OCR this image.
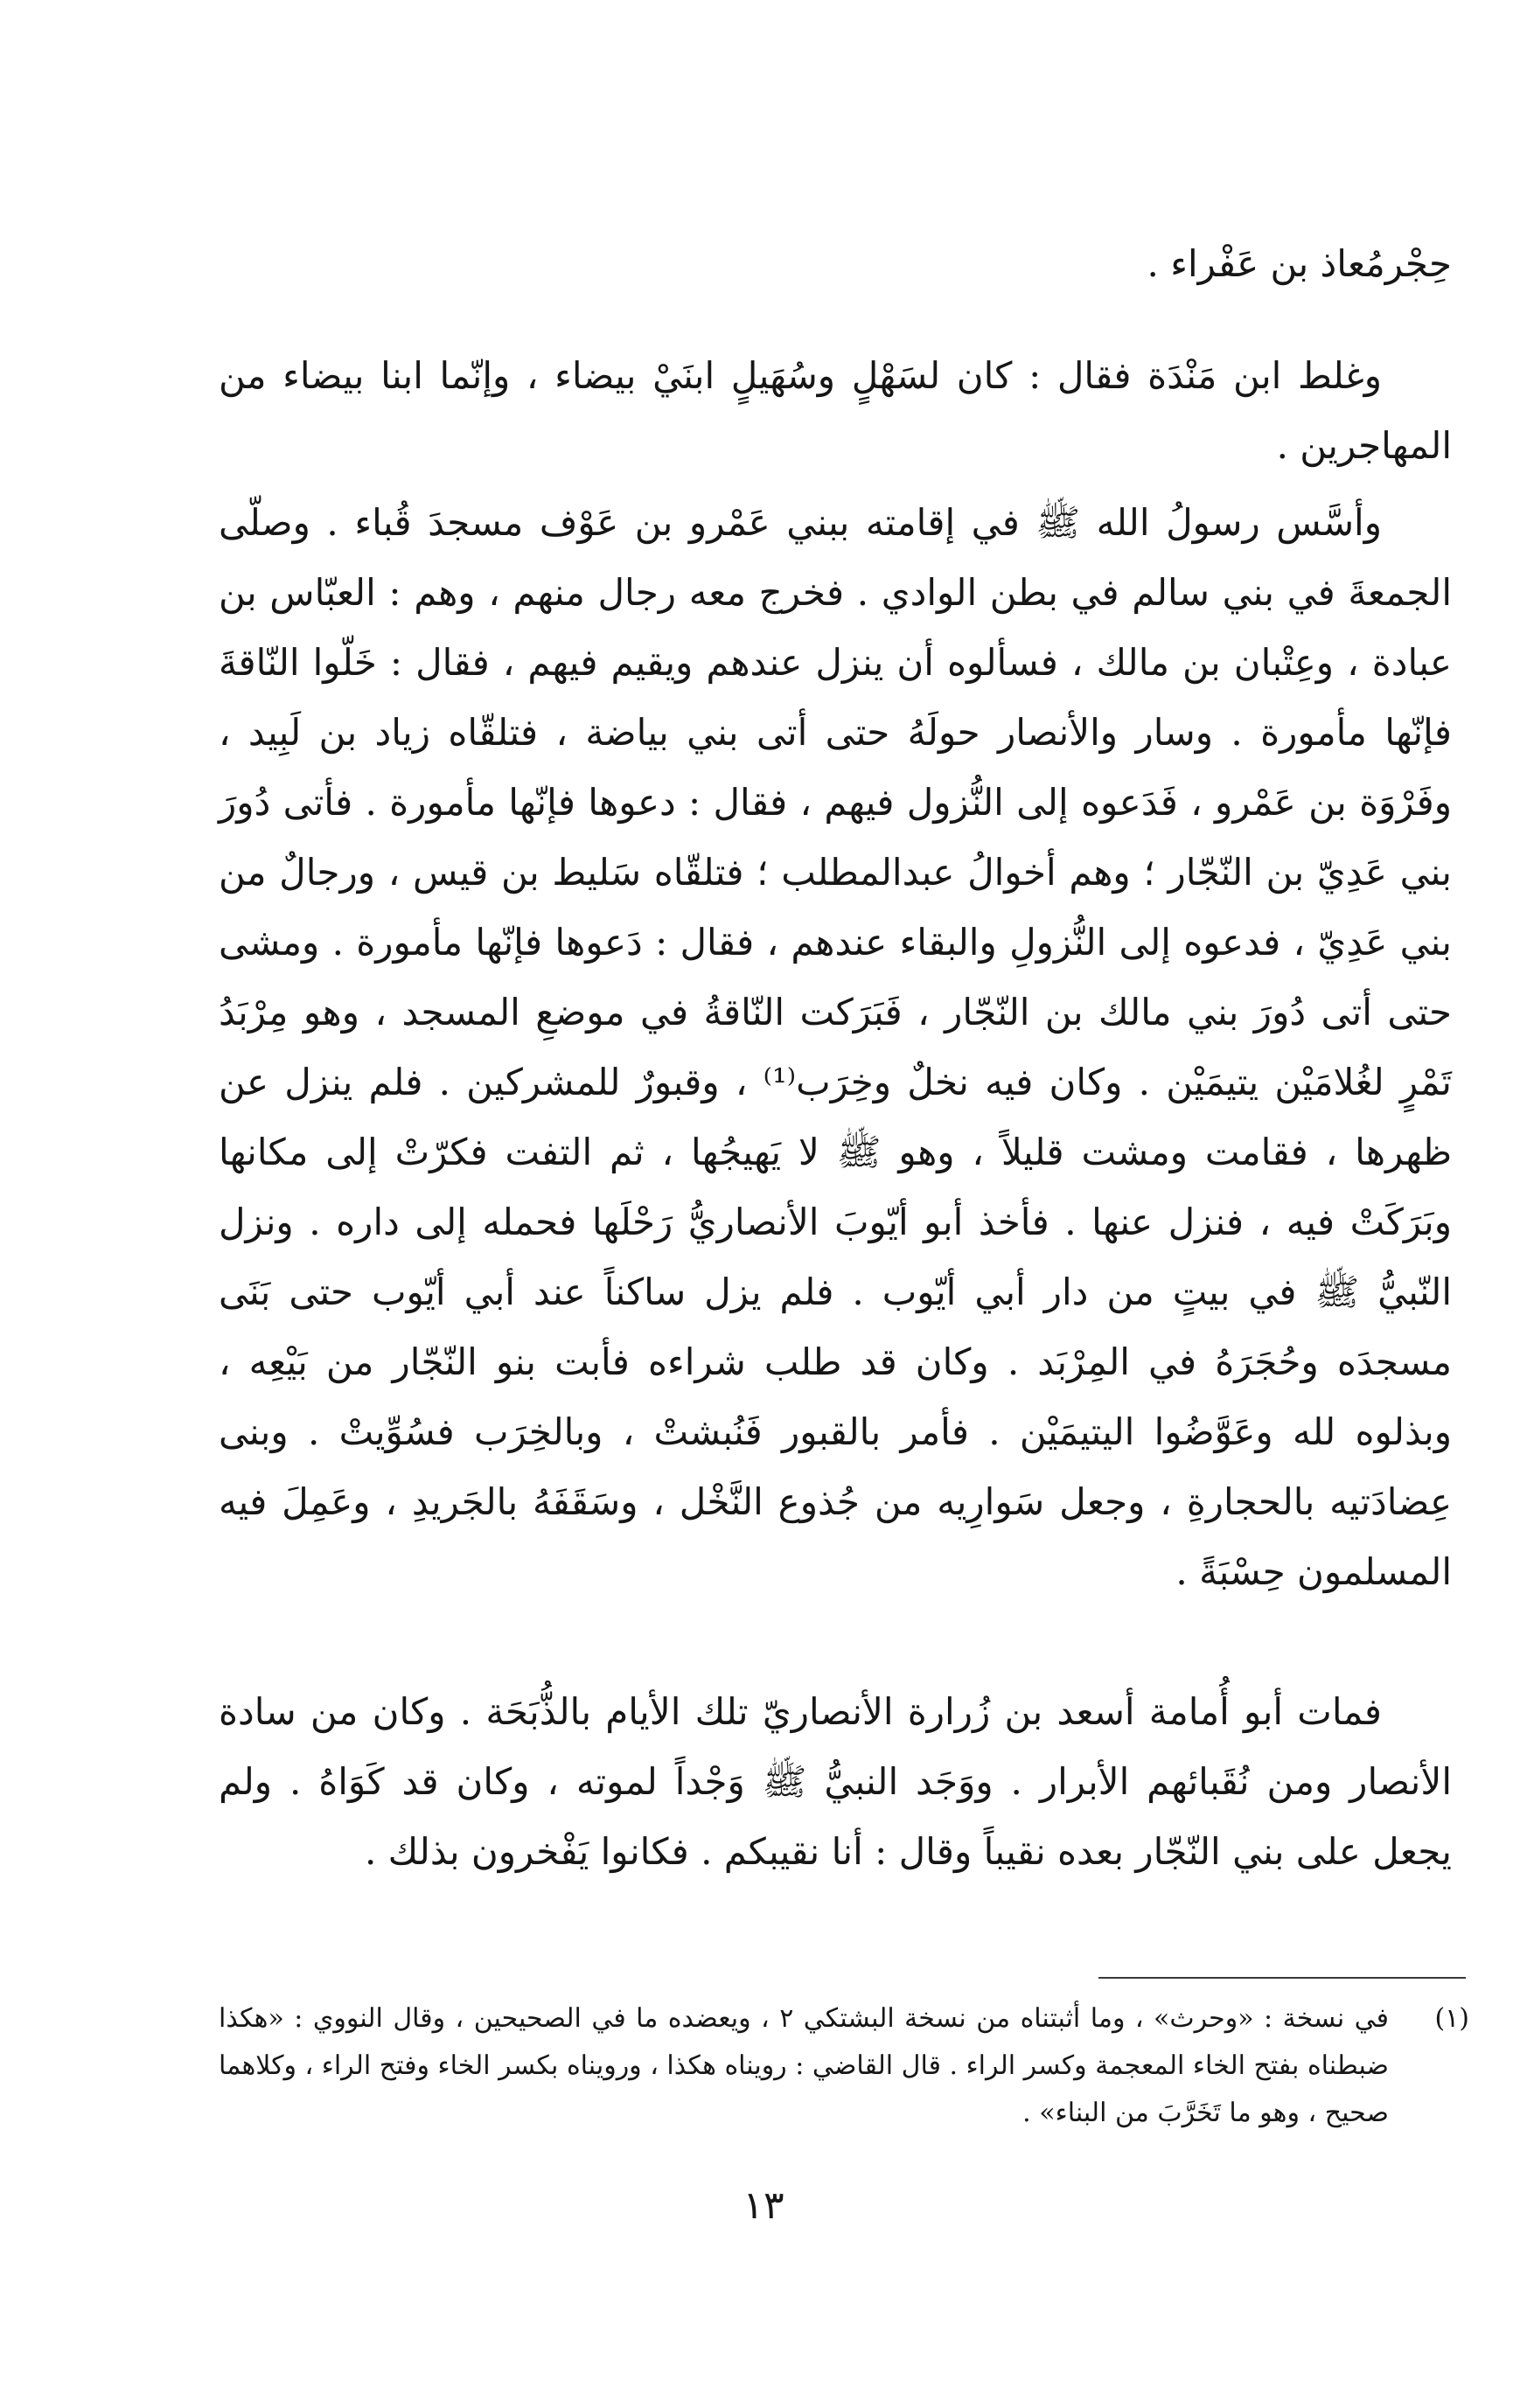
حِجْرمُعاذ بن عَفْراء .

وغلط ابن مَنْدَة فقال : كان لسَهْلٍ وسُهَيلٍ ابنَيْ بيضاء ، وإنّما ابنا بيضاء من المهاجرين .

وأسَّس رسولُ الله ﷺ في إقامته ببني عَمْرو بن عَوْف مسجدَ قُباء . وصلّى الجمعةَ في بني سالم في بطن الوادي . فخرج معه رجال منهم ، وهم : العبّاس بن عبادة ، وعِتْبان بن مالك ، فسألوه أن ينزل عندهم ويقيم فيهم ، فقال : خَلّوا النّاقةَ فإنّها مأمورة . وسار والأنصار حولَهُ حتى أتى بني بياضة ، فتلقّاه زياد بن لَبِيد ، وفَرْوَة بن عَمْرو ، فَدَعوه إلى النُّزول فيهم ، فقال : دعوها فإنّها مأمورة . فأتى دُورَ بني عَدِيّ بن النّجّار ؛ وهم أخوالُ عبدالمطلب ؛ فتلقّاه سَليط بن قيس ، ورجالٌ من بني عَدِيّ ، فدعوه إلى النُّزولِ والبقاء عندهم ، فقال : دَعوها فإنّها مأمورة . ومشى حتى أتى دُورَ بني مالك بن النّجّار ، فَبَرَكت النّاقةُ في موضعِ المسجد ، وهو مِرْبَدُ تَمْرٍ لغُلامَيْن يتيمَيْن . وكان فيه نخلٌ وخِرَب⁽¹⁾ ، وقبورٌ للمشركين . فلم ينزل عن ظهرها ، فقامت ومشت قليلاً ، وهو ﷺ لا يَهيجُها ، ثم التفت فكرّتْ إلى مكانها وبَرَكَتْ فيه ، فنزل عنها . فأخذ أبو أيّوبَ الأنصاريُّ رَحْلَها فحمله إلى داره . ونزل النّبيُّ ﷺ في بيتٍ من دار أبي أيّوب . فلم يزل ساكناً عند أبي أيّوب حتى بَنَى مسجدَه وحُجَرَهُ في المِرْبَد . وكان قد طلب شراءه فأبت بنو النّجّار من بَيْعِه ، وبذلوه لله وعَوَّضُوا اليتيمَيْن . فأمر بالقبور فَنُبشتْ ، وبالخِرَب فسُوِّيتْ . وبنى عِضادَتيه بالحجارةِ ، وجعل سَوارِيه من جُذوع النَّخْل ، وسَقَفَهُ بالجَريدِ ، وعَمِلَ فيه المسلمون حِسْبَةً .

فمات أبو أُمامة أسعد بن زُرارة الأنصاريّ تلك الأيام بالذُّبَحَة . وكان من سادة الأنصار ومن نُقَبائهم الأبرار . ووَجَد النبيُّ ﷺ وَجْداً لموته ، وكان قد كَوَاهُ . ولم يجعل على بني النّجّار بعده نقيباً وقال : أنا نقيبكم . فكانوا يَفْخرون بذلك .

(١)
في نسخة : «وحرث» ، وما أثبتناه من نسخة البشتكي ٢ ، ويعضده ما في الصحيحين ، وقال النووي : «هكذا ضبطناه بفتح الخاء المعجمة وكسر الراء . قال القاضي : رويناه هكذا ، ورويناه بكسر الخاء وفتح الراء ، وكلاهما صحيح ، وهو ما تَخَرَّبَ من البناء» .
١٣
